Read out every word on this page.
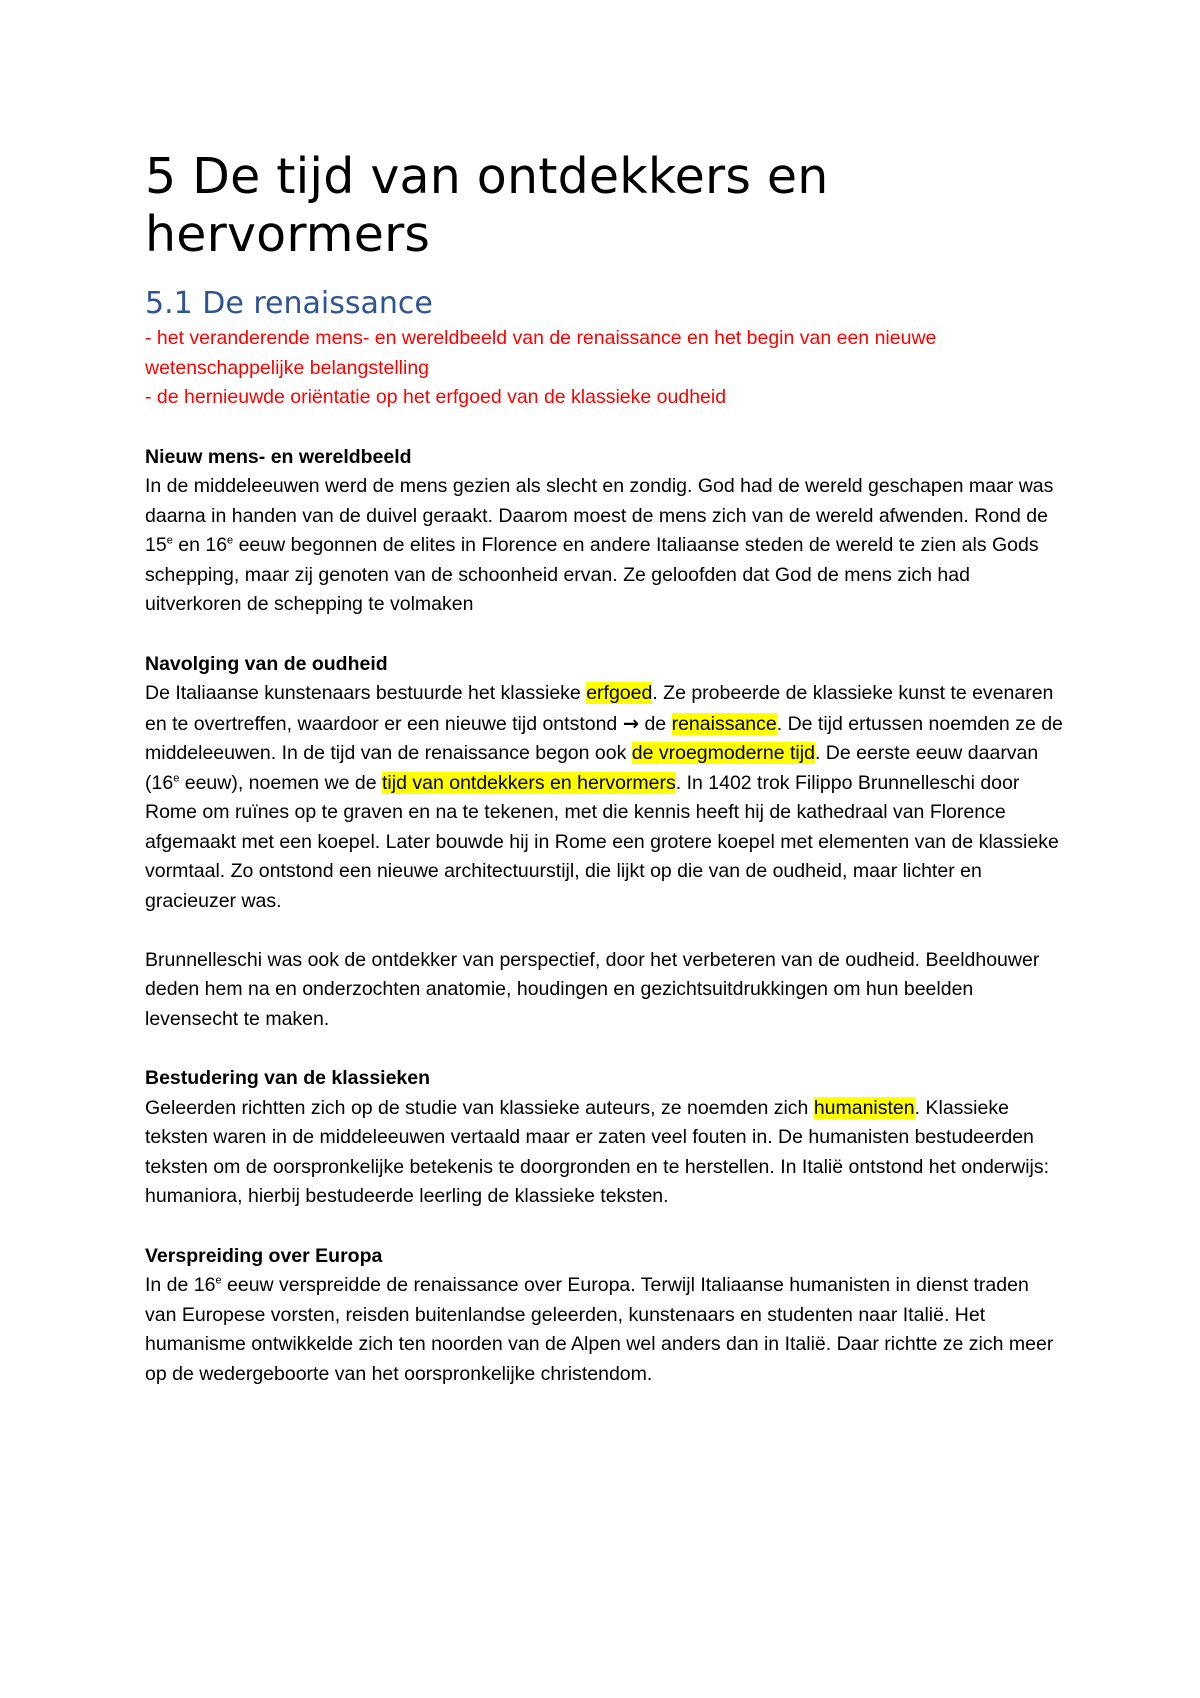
5 De tijd van ontdekkers en hervormers
5.1 De renaissance
- het veranderende mens- en wereldbeeld van de renaissance en het begin van een nieuwe wetenschappelijke belangstelling
- de hernieuwde oriëntatie op het erfgoed van de klassieke oudheid

Nieuw mens- en wereldbeeld

In de middeleeuwen werd de mens gezien als slecht en zondig. God had de wereld geschapen maar was daarna in handen van de duivel geraakt. Daarom moest de mens zich van de wereld afwenden. Rond de 15e en 16e eeuw begonnen de elites in Florence en andere Italiaanse steden de wereld te zien als Gods schepping, maar zij genoten van de schoonheid ervan. Ze geloofden dat God de mens zich had uitverkoren de schepping te volmaken

Navolging van de oudheid

De Italiaanse kunstenaars bestuurde het klassieke erfgoed. Ze probeerde de klassieke kunst te evenaren en te overtreffen, waardoor er een nieuwe tijd ontstond → de renaissance. De tijd ertussen noemden ze de middeleeuwen. In de tijd van de renaissance begon ook de vroegmoderne tijd. De eerste eeuw daarvan (16e eeuw), noemen we de tijd van ontdekkers en hervormers. In 1402 trok Filippo Brunnelleschi door Rome om ruïnes op te graven en na te tekenen, met die kennis heeft hij de kathedraal van Florence afgemaakt met een koepel. Later bouwde hij in Rome een grotere koepel met elementen van de klassieke vormtaal. Zo ontstond een nieuwe architectuurstijl, die lijkt op die van de oudheid, maar lichter en gracieuzer was.

Brunnelleschi was ook de ontdekker van perspectief, door het verbeteren van de oudheid. Beeldhouwer deden hem na en onderzochten anatomie, houdingen en gezichtsuitdrukkingen om hun beelden levensecht te maken.

Bestudering van de klassieken

Geleerden richtten zich op de studie van klassieke auteurs, ze noemden zich humanisten. Klassieke teksten waren in de middeleeuwen vertaald maar er zaten veel fouten in. De humanisten bestudeerden teksten om de oorspronkelijke betekenis te doorgronden en te herstellen. In Italië ontstond het onderwijs: humaniora, hierbij bestudeerde leerling de klassieke teksten.

Verspreiding over Europa

In de 16e eeuw verspreidde de renaissance over Europa. Terwijl Italiaanse humanisten in dienst traden van Europese vorsten, reisden buitenlandse geleerden, kunstenaars en studenten naar Italië. Het humanisme ontwikkelde zich ten noorden van de Alpen wel anders dan in Italië. Daar richtte ze zich meer op de wedergeboorte van het oorspronkelijke christendom.
